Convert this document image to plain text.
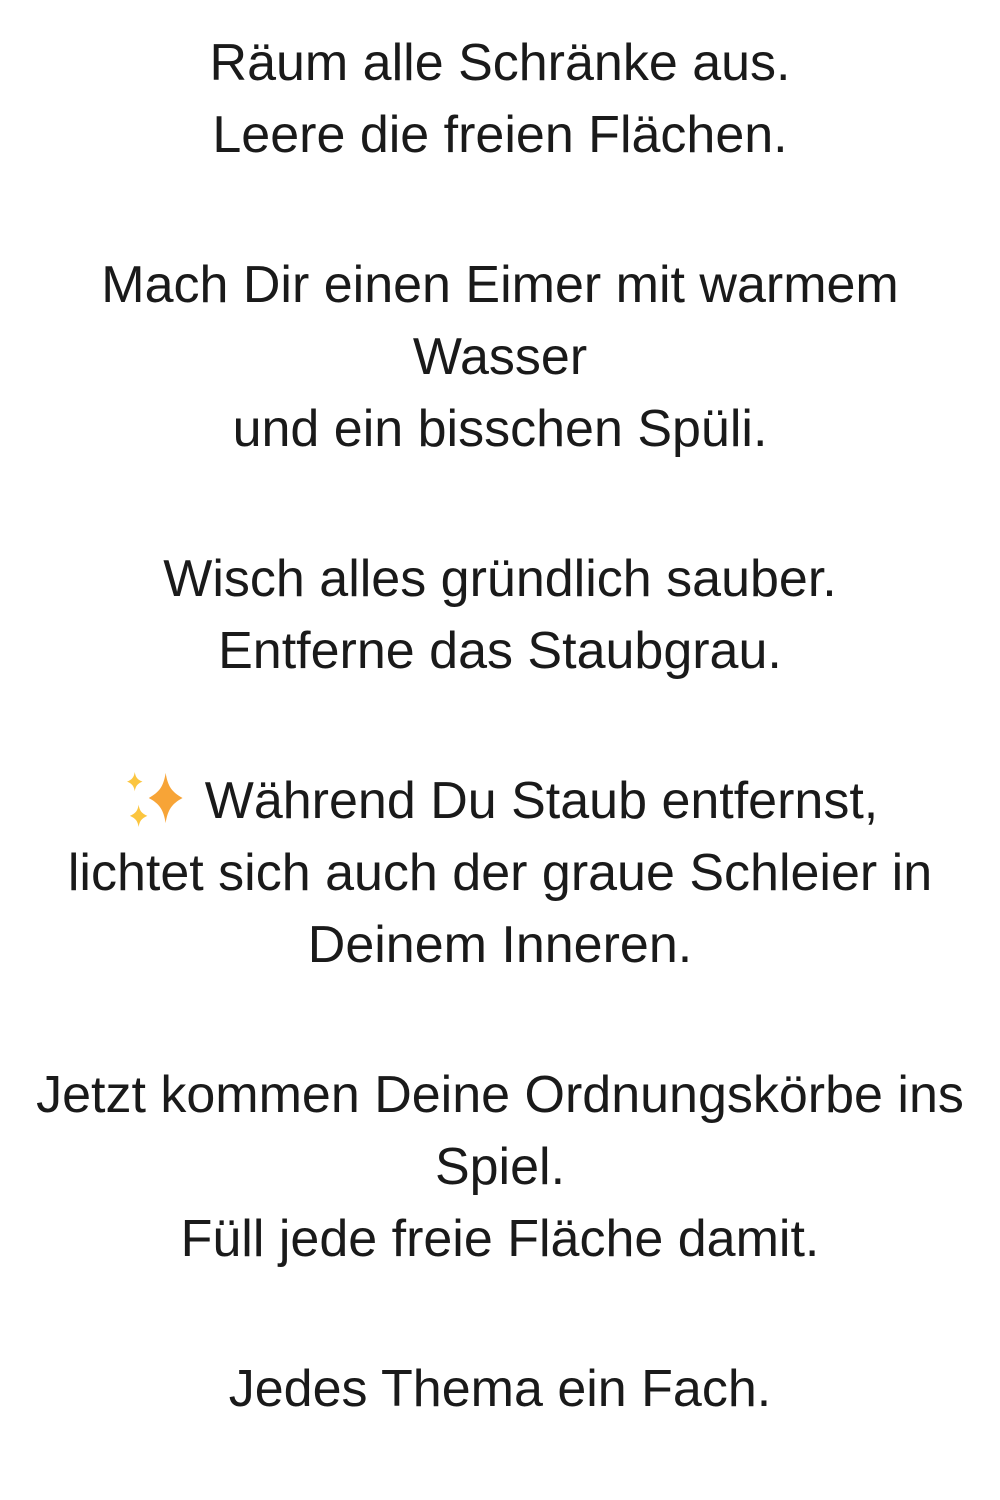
Räum alle Schränke aus.
Leere die freien Flächen.

Mach Dir einen Eimer mit warmem
Wasser
und ein bisschen Spüli.

Wisch alles gründlich sauber.
Entferne das Staubgrau.

Während Du Staub entfernst,
lichtet sich auch der graue Schleier in
Deinem Inneren.

Jetzt kommen Deine Ordnungskörbe ins
Spiel.
Füll jede freie Fläche damit.

Jedes Thema ein Fach.
